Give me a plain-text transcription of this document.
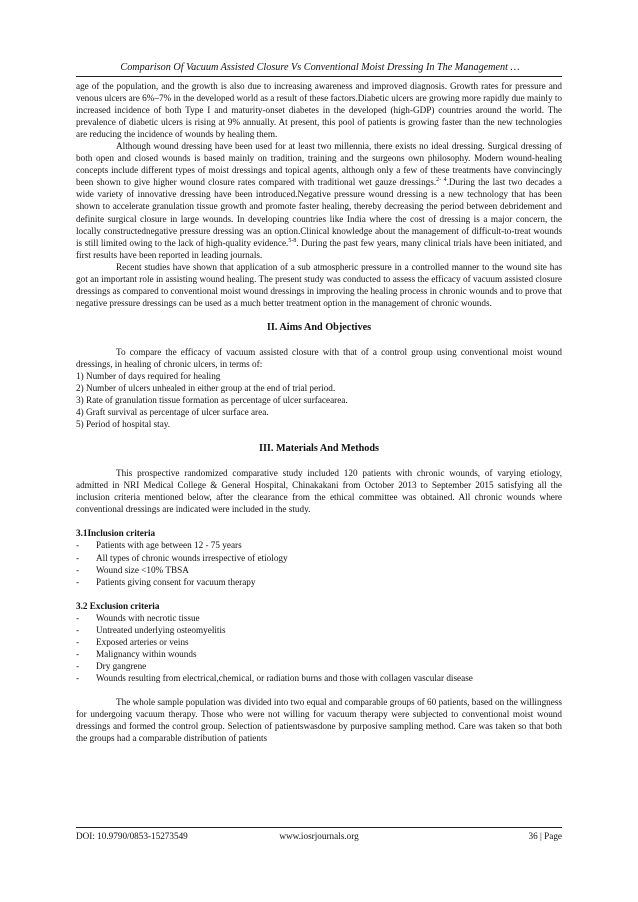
Comparison Of Vacuum Assisted Closure Vs Conventional Moist Dressing In The Management …

age of the population, and the growth is also due to increasing awareness and improved diagnosis. Growth rates for pressure and venous ulcers are 6%–7% in the developed world as a result of these factors.Diabetic ulcers are growing more rapidly due mainly to increased incidence of both Type I and maturity-onset diabetes in the developed (high-GDP) countries around the world. The prevalence of diabetic ulcers is rising at 9% annually. At present, this pool of patients is growing faster than the new technologies are reducing the incidence of wounds by healing them.

Although wound dressing have been used for at least two millennia, there exists no ideal dressing. Surgical dressing of both open and closed wounds is based mainly on tradition, training and the surgeons own philosophy. Modern wound-healing concepts include different types of moist dressings and topical agents, although only a few of these treatments have convincingly been shown to give higher wound closure rates compared with traditional wet gauze dressings.$^{2- 4}$.During the last two decades a wide variety of innovative dressing have been introduced.Negative pressure wound dressing is a new technology that has been shown to accelerate granulation tissue growth and promote faster healing, thereby decreasing the period between debridement and definite surgical closure in large wounds. In developing countries like India where the cost of dressing is a major concern, the locally constructednegative pressure dressing was an option.Clinical knowledge about the management of difficult-to-treat wounds is still limited owing to the lack of high-quality evidence.$^{5-8}$. During the past few years, many clinical trials have been initiated, and first results have been reported in leading journals.

Recent studies have shown that application of a sub atmospheric pressure in a controlled manner to the wound site has got an important role in assisting wound healing. The present study was conducted to assess the efficacy of vacuum assisted closure dressings as compared to conventional moist wound dressings in improving the healing process in chronic wounds and to prove that negative pressure dressings can be used as a much better treatment option in the management of chronic wounds.

II. Aims And Objectives

To compare the efficacy of vacuum assisted closure with that of a control group using conventional moist wound dressings, in healing of chronic ulcers, in terms of:

1) Number of days required for healing
2) Number of ulcers unhealed in either group at the end of trial period.
3) Rate of granulation tissue formation as percentage of ulcer surfacearea.
4) Graft survival as percentage of ulcer surface area.
5) Period of hospital stay.
III. Materials And Methods

This prospective randomized comparative study included 120 patients with chronic wounds, of varying etiology, admitted in NRI Medical College & General Hospital, Chinakakani from October 2013 to September 2015 satisfying all the inclusion criteria mentioned below, after the clearance from the ethical committee was obtained. All chronic wounds where conventional dressings are indicated were included in the study.

3.1Inclusion criteria
- Patients with age between 12 - 75 years
- All types of chronic wounds irrespective of etiology
- Wound size <10% TBSA
- Patients giving consent for vacuum therapy
3.2 Exclusion criteria
- Wounds with necrotic tissue
- Untreated underlying osteomyelitis
- Exposed arteries or veins
- Malignancy within wounds
- Dry gangrene
- Wounds resulting from electrical,chemical, or radiation burns and those with collagen vascular disease

The whole sample population was divided into two equal and comparable groups of 60 patients, based on the willingness for undergoing vacuum therapy. Those who were not willing for vacuum therapy were subjected to conventional moist wound dressings and formed the control group. Selection of patientswasdone by purposive sampling method. Care was taken so that both the groups had a comparable distribution of patients

DOI: 10.9790/0853-15273549	www.iosrjournals.org	36 | Page
